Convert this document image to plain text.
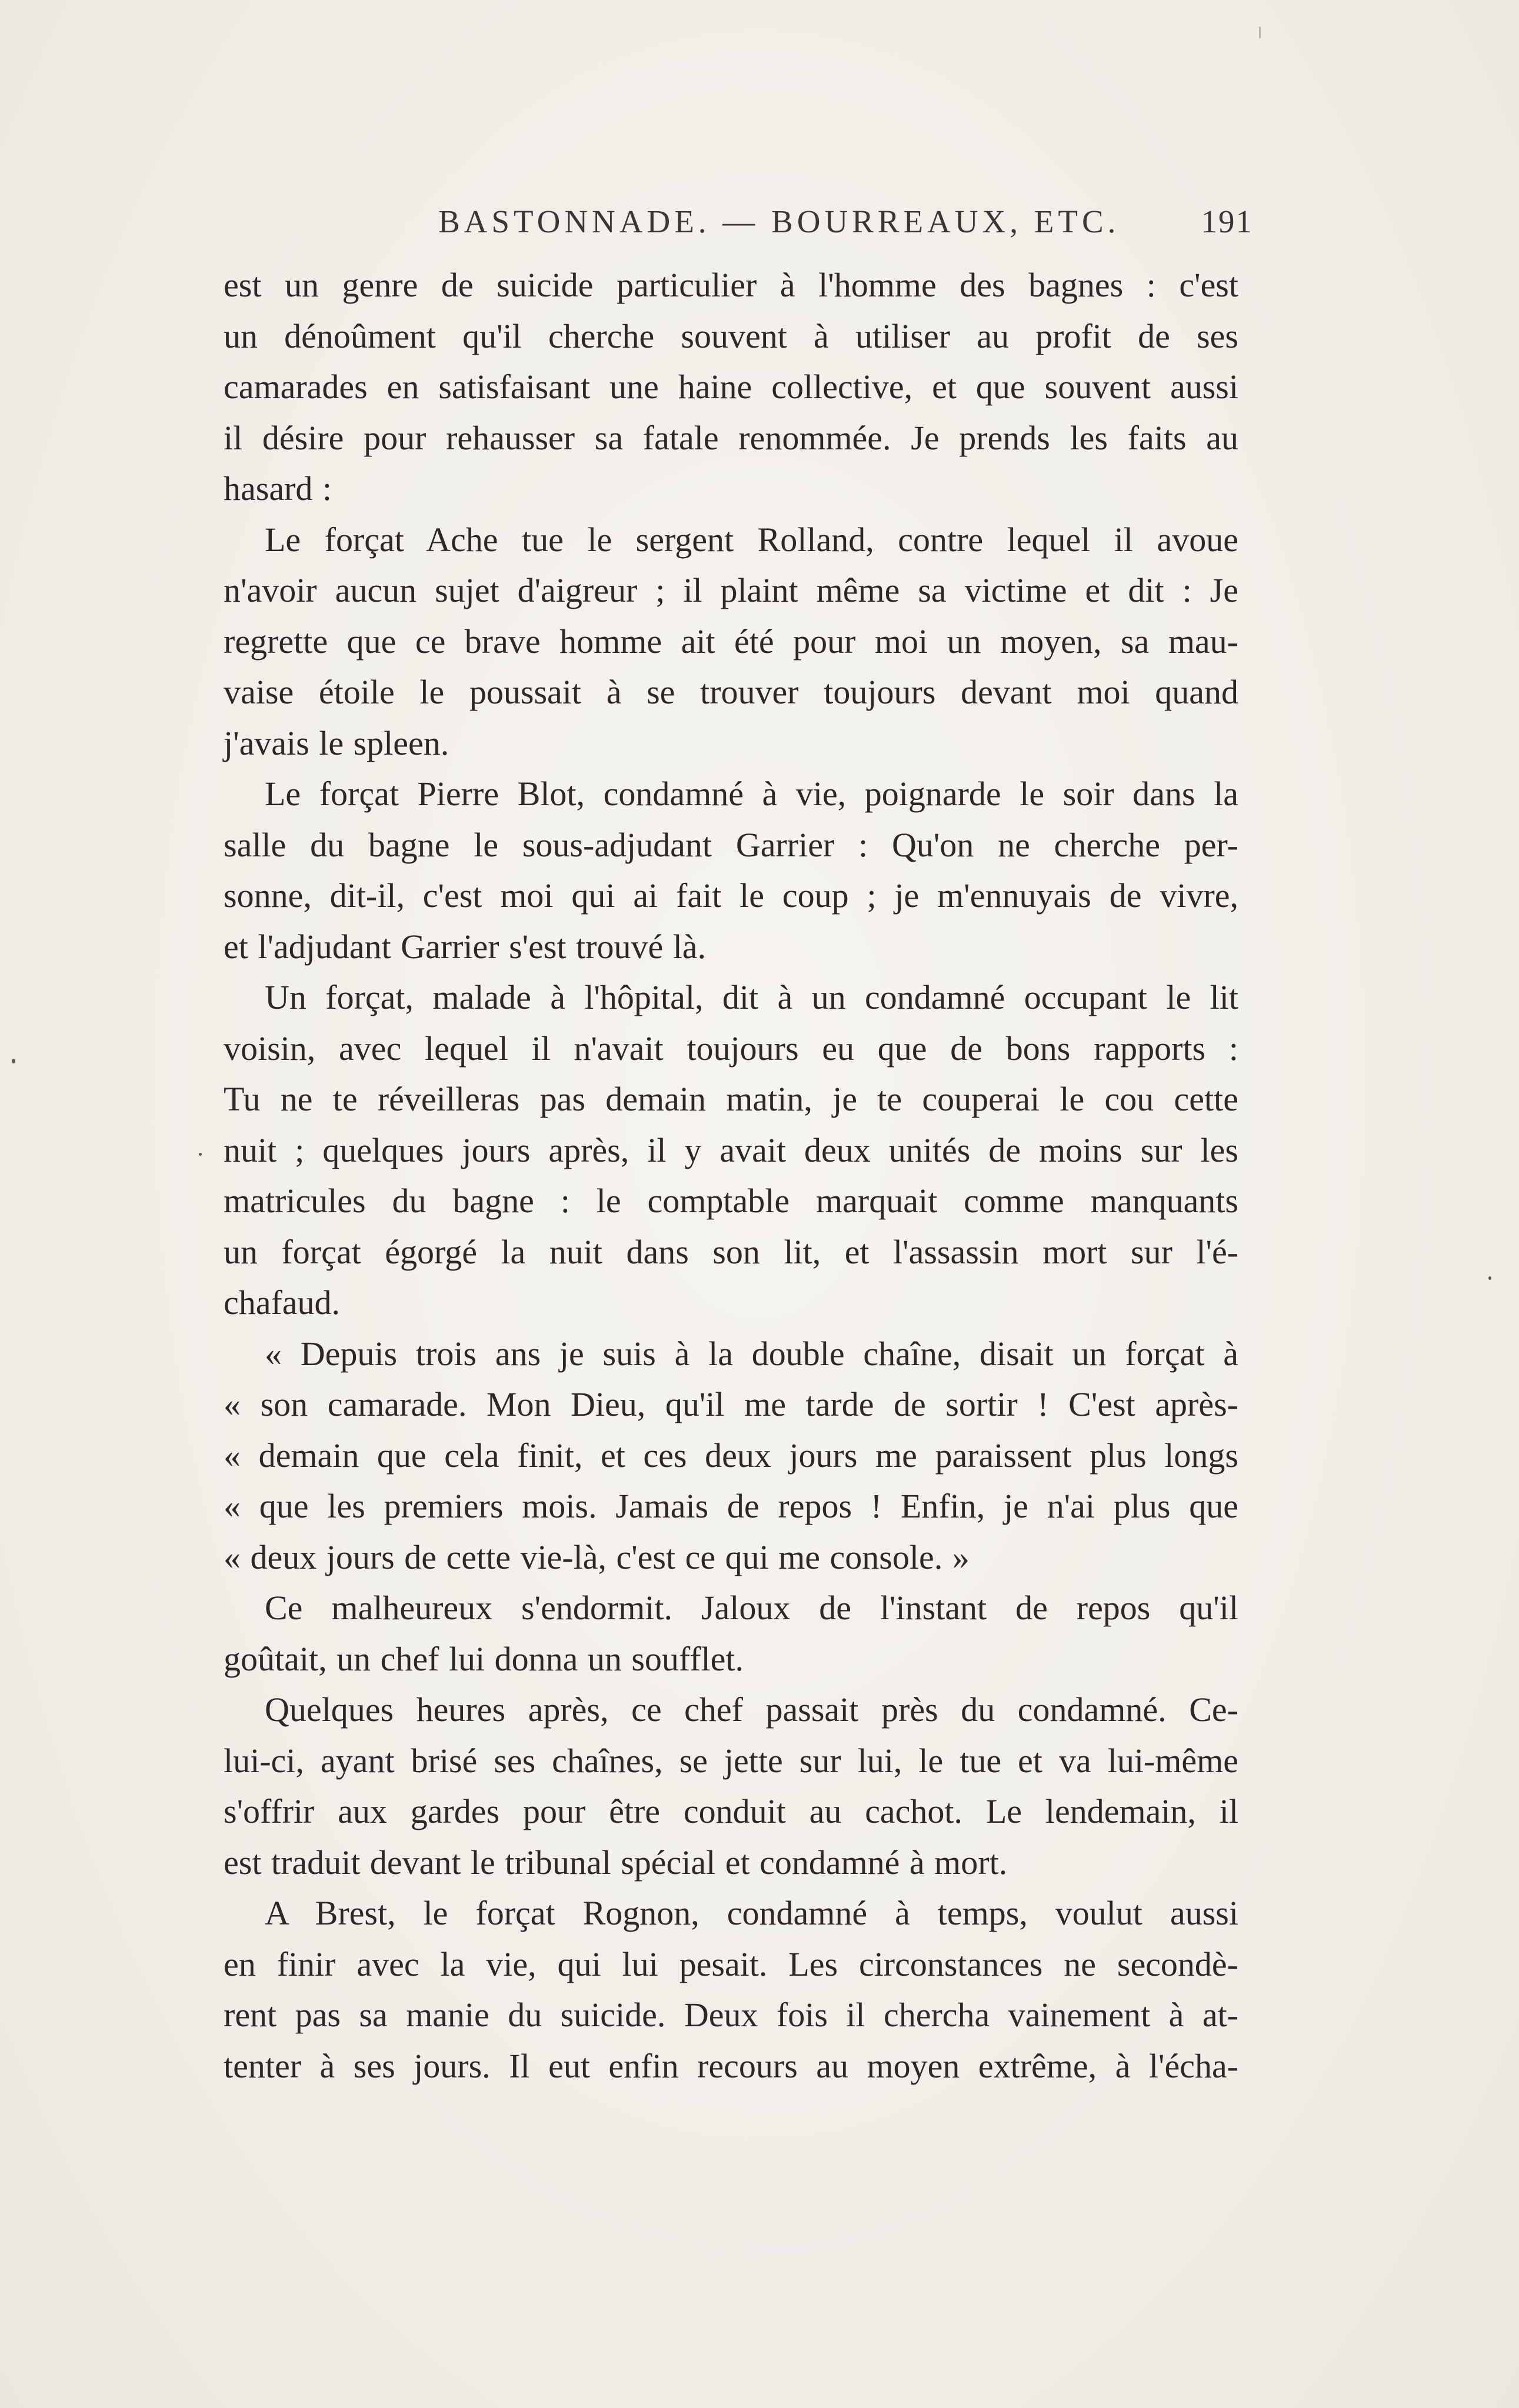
BASTONNADE. — BOURREAUX, ETC.	191
est un genre de suicide particulier à l'homme des bagnes : c'est
un dénoûment qu'il cherche souvent à utiliser au profit de ses
camarades en satisfaisant une haine collective, et que souvent aussi
il désire pour rehausser sa fatale renommée. Je prends les faits au
hasard :
Le forçat Ache tue le sergent Rolland, contre lequel il avoue
n'avoir aucun sujet d'aigreur ; il plaint même sa victime et dit : Je
regrette que ce brave homme ait été pour moi un moyen, sa mau-
vaise étoile le poussait à se trouver toujours devant moi quand
j'avais le spleen.
Le forçat Pierre Blot, condamné à vie, poignarde le soir dans la
salle du bagne le sous-adjudant Garrier : Qu'on ne cherche per-
sonne, dit-il, c'est moi qui ai fait le coup ; je m'ennuyais de vivre,
et l'adjudant Garrier s'est trouvé là.
Un forçat, malade à l'hôpital, dit à un condamné occupant le lit
voisin, avec lequel il n'avait toujours eu que de bons rapports :
Tu ne te réveilleras pas demain matin, je te couperai le cou cette
nuit ; quelques jours après, il y avait deux unités de moins sur les
matricules du bagne : le comptable marquait comme manquants
un forçat égorgé la nuit dans son lit, et l'assassin mort sur l'é-
chafaud.
« Depuis trois ans je suis à la double chaîne, disait un forçat à
« son camarade. Mon Dieu, qu'il me tarde de sortir ! C'est après-
« demain que cela finit, et ces deux jours me paraissent plus longs
« que les premiers mois. Jamais de repos ! Enfin, je n'ai plus que
« deux jours de cette vie-là, c'est ce qui me console. »
Ce malheureux s'endormit. Jaloux de l'instant de repos qu'il
goûtait, un chef lui donna un soufflet.
Quelques heures après, ce chef passait près du condamné. Ce-
lui-ci, ayant brisé ses chaînes, se jette sur lui, le tue et va lui-même
s'offrir aux gardes pour être conduit au cachot. Le lendemain, il
est traduit devant le tribunal spécial et condamné à mort.
A Brest, le forçat Rognon, condamné à temps, voulut aussi
en finir avec la vie, qui lui pesait. Les circonstances ne secondè-
rent pas sa manie du suicide. Deux fois il chercha vainement à at-
tenter à ses jours. Il eut enfin recours au moyen extrême, à l'écha-
